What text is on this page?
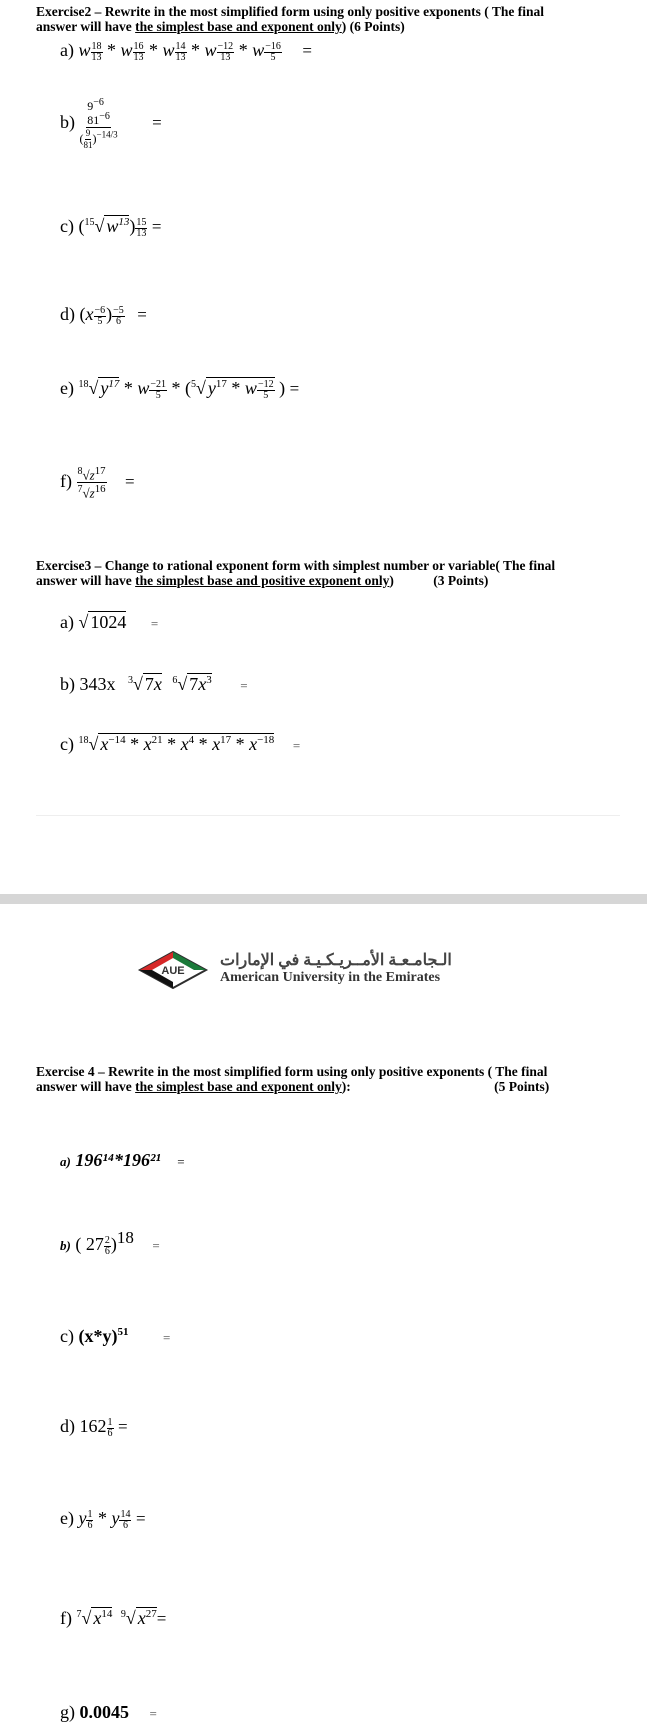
Exercise2 – Rewrite in the most simplified form using only positive exponents ( The final
answer will have the simplest base and exponent only) (6 Points)
a) w $\frac{18}{13}$ * w $\frac{16}{13}$ * w $\frac{14}{13}$ * w $\frac{-12}{13}$ * w $\frac{-16}{5}$ =
b)
$9^{-6}$
$81^{-6}$
( $\frac{9}{81} )^{-14/3}$
=
c) ($^{15}$√ $w^{13}) \frac{15}{13}$ =
d) ($x \frac{-6}{5}$ ) $\frac{-5}{6}$ =
e) $^{18}$√ $y^{17}$ * w $\frac{-21}{5} * (^5√$ $y^{17}$ * w $\frac{-12}{5}$ ) =
$f) \frac{^8√z^{17}}{^7√z^{16}}$ =
Exercise3 – Change to rational exponent form with simplest number or variable( The final
answer will have the simplest base and positive exponent only)	(3 Points)
a) √ 1024 =
b) 343x $^3$√ 7x $^6$√ $7x^3$ =
c) $^{18}$√ $x^{-14} * x^{21} * x^4 * x^{17} * x^{-18}$ =
AUE
الـجامـعـة الأمــريـكـيـة في الإمارات
American University in the Emirates
Exercise 4 – Rewrite in the most simplified form using only positive exponents ( The final
answer will have the simplest base and exponent only):	(5 Points)
a) 196¹⁴*196²¹ =
b) ( $27 \frac{2}{6} )18$ =
c) $(x*y)^{51}$	=
d) $162 \frac{1}{6}$ =
e) y $\frac{1}{6}$ * y $\frac{14}{6}$ =
f) $^7$√ $x^{14}$ $^9$√ $x^{27}=$
g) 0.0045 =
